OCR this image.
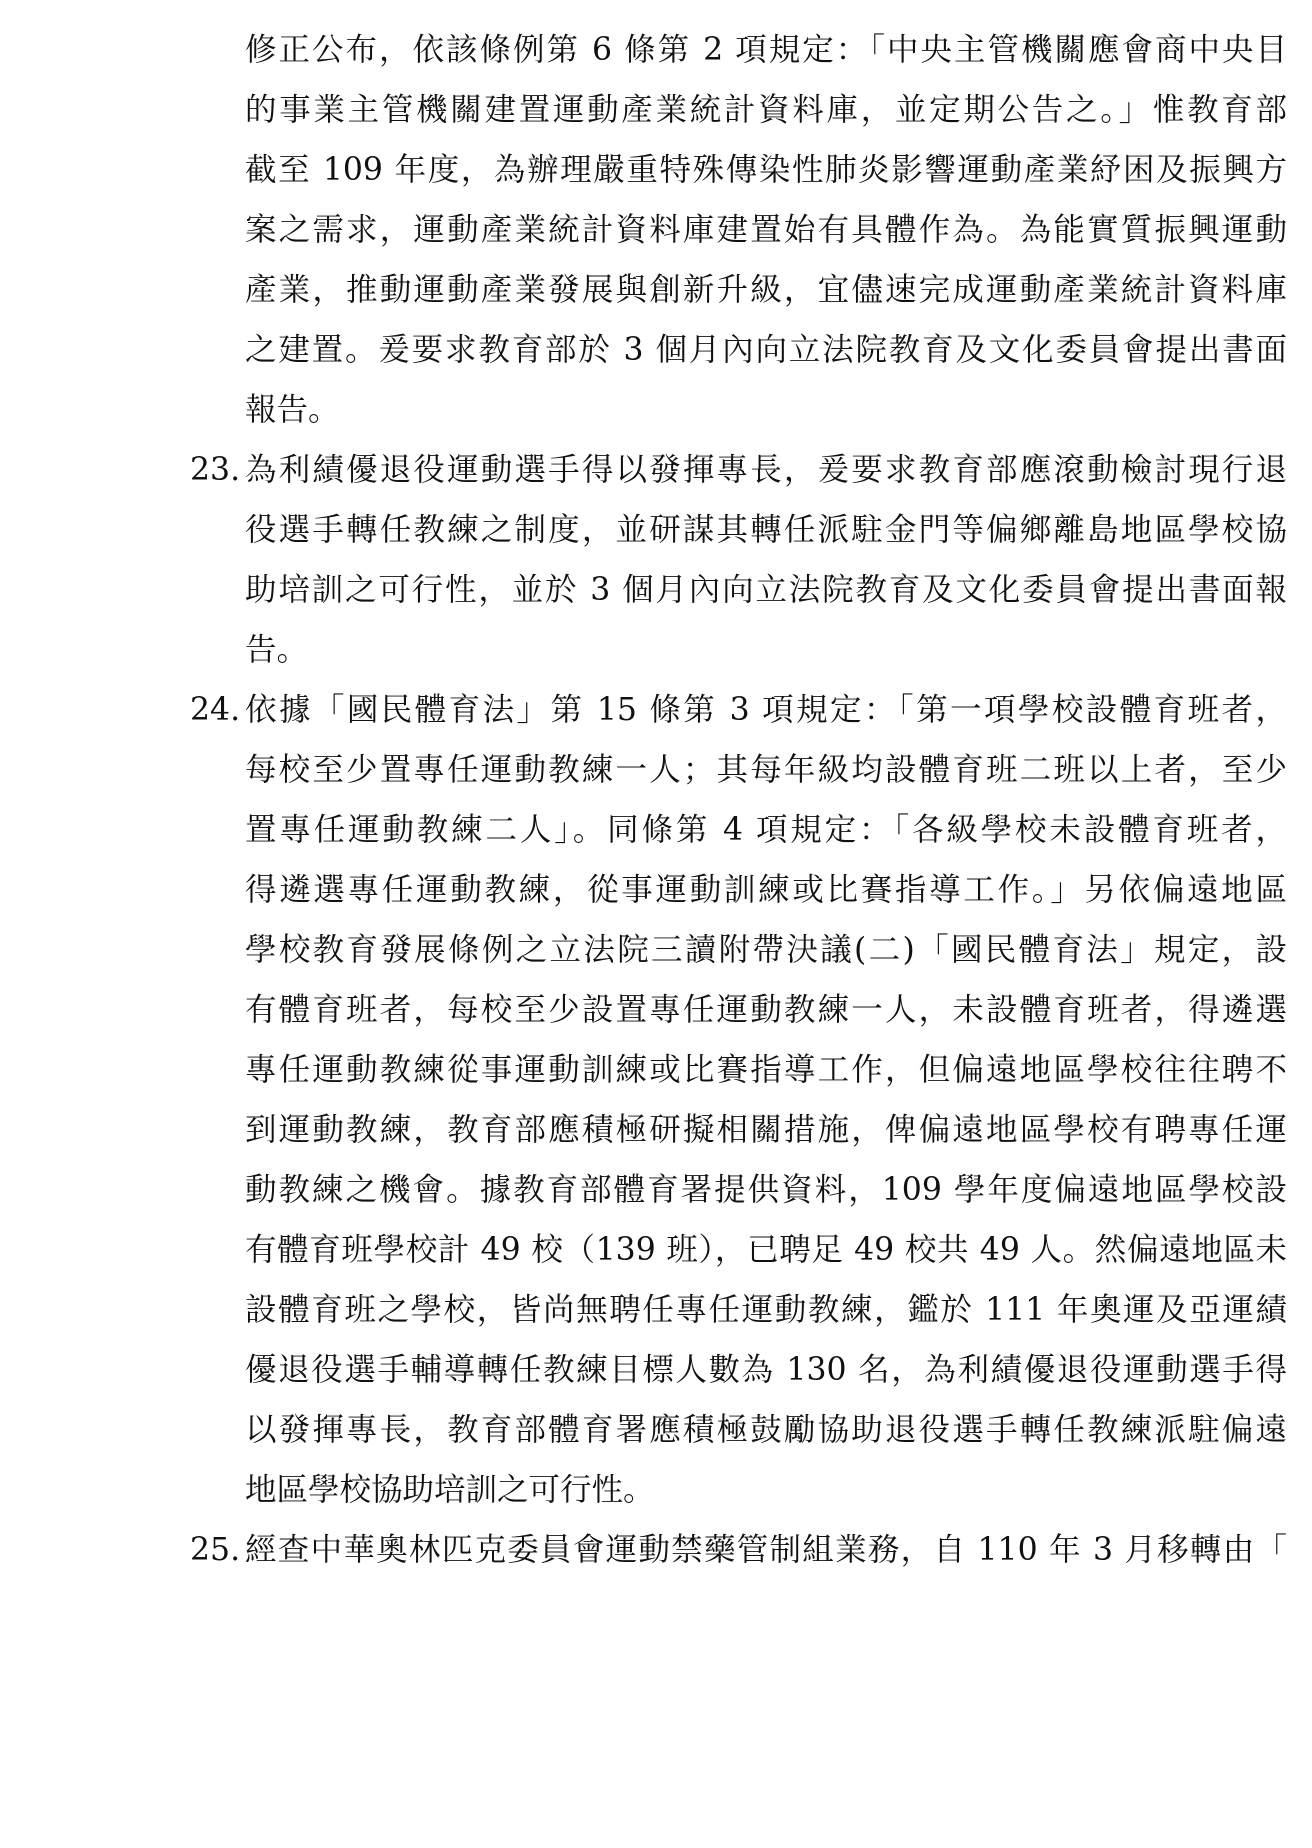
修正公布，依該條例第 6 條第 2 項規定：「中央主管機關應會商中央目
的事業主管機關建置運動產業統計資料庫，並定期公告之。」惟教育部
截至 109 年度，為辦理嚴重特殊傳染性肺炎影響運動產業紓困及振興方
案之需求，運動產業統計資料庫建置始有具體作為。為能實質振興運動
產業，推動運動產業發展與創新升級，宜儘速完成運動產業統計資料庫
之建置。爰要求教育部於 3 個月內向立法院教育及文化委員會提出書面
報告。
23. 為利績優退役運動選手得以發揮專長，爰要求教育部應滾動檢討現行退
役選手轉任教練之制度，並研謀其轉任派駐金門等偏鄉離島地區學校協
助培訓之可行性，並於 3 個月內向立法院教育及文化委員會提出書面報
告。
24. 依據「國民體育法」第 15 條第 3 項規定：「第一項學校設體育班者，
每校至少置專任運動教練一人；其每年級均設體育班二班以上者，至少
置專任運動教練二人」。同條第 4 項規定：「各級學校未設體育班者，
得遴選專任運動教練，從事運動訓練或比賽指導工作。」另依偏遠地區
學校教育發展條例之立法院三讀附帶決議(二)「國民體育法」規定，設
有體育班者，每校至少設置專任運動教練一人，未設體育班者，得遴選
專任運動教練從事運動訓練或比賽指導工作，但偏遠地區學校往往聘不
到運動教練，教育部應積極研擬相關措施，俾偏遠地區學校有聘專任運
動教練之機會。據教育部體育署提供資料，109 學年度偏遠地區學校設
有體育班學校計 49 校（139 班），已聘足 49 校共 49 人。然偏遠地區未
設體育班之學校，皆尚無聘任專任運動教練，鑑於 111 年奧運及亞運績
優退役選手輔導轉任教練目標人數為 130 名，為利績優退役運動選手得
以發揮專長，教育部體育署應積極鼓勵協助退役選手轉任教練派駐偏遠
地區學校協助培訓之可行性。
25. 經查中華奧林匹克委員會運動禁藥管制組業務，自 110 年 3 月移轉由「
